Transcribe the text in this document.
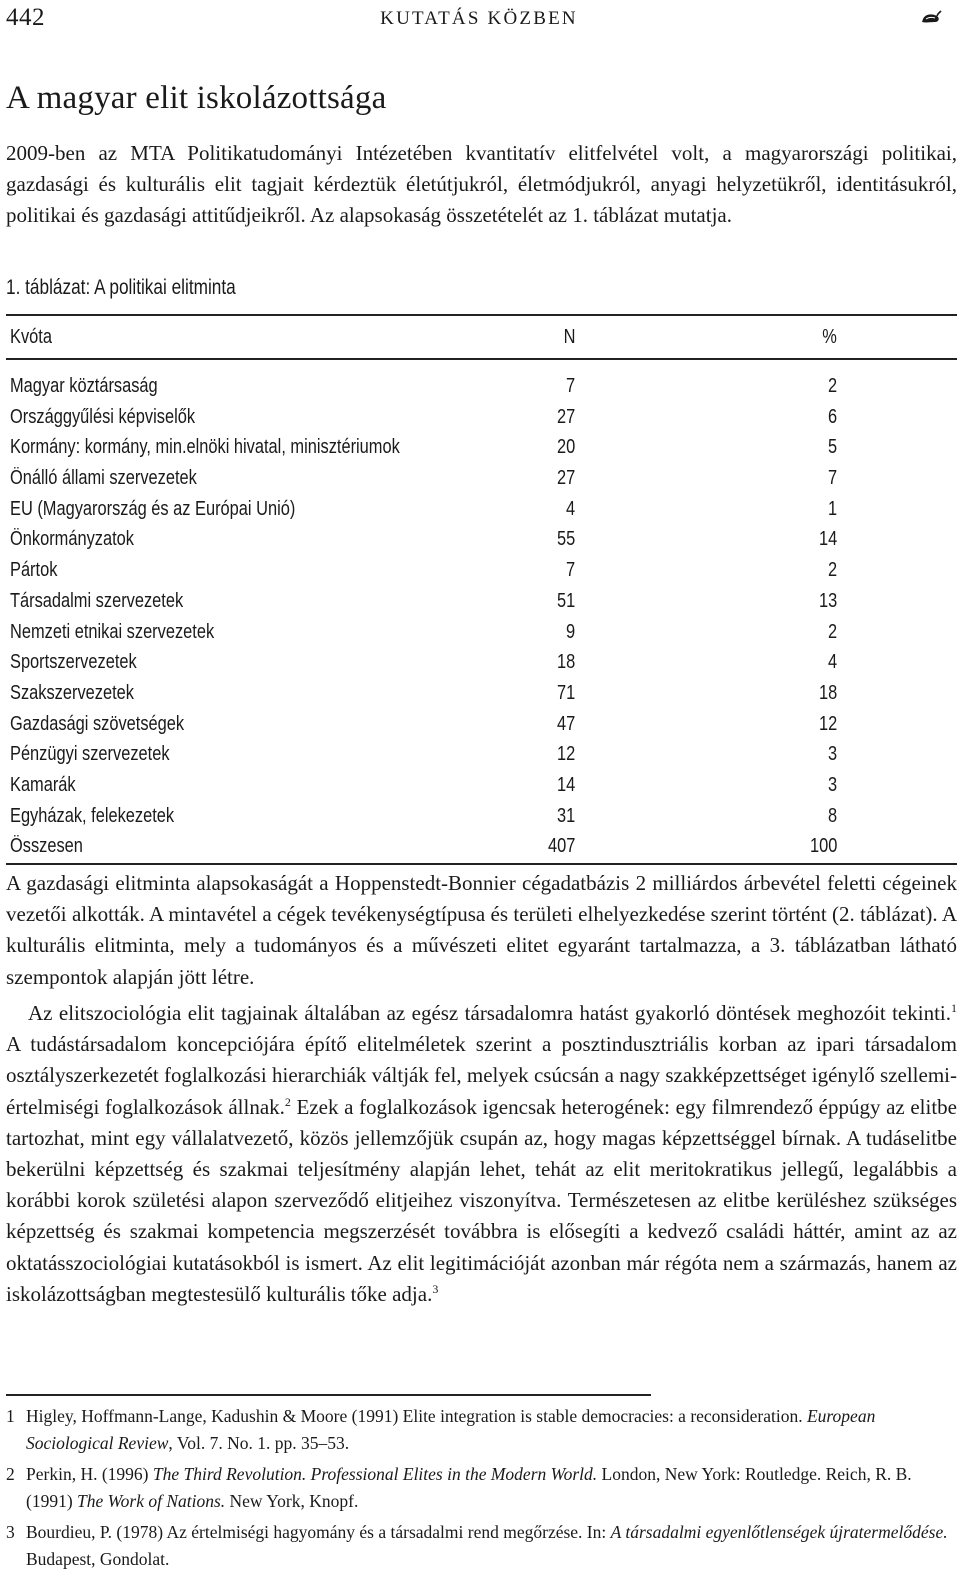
442	KUTATÁS KÖZBEN
A magyar elit iskolázottsága

2009-ben az MTA Politikatudományi Intézetében kvantitatív elitfelvétel volt, a magyarországi politikai, gazdasági és kulturális elit tagjait kérdeztük életútjukról, életmódjukról, anyagi helyzetükről, identitásukról, politikai és gazdasági attitűdjeikről. Az alapsokaság összetételét az 1. táblázat mutatja.

1. táblázat: A politikai elitminta
Kvóta	N	%
Magyar köztársaság	7	2
Országgyűlési képviselők	27	6
Kormány: kormány, min.elnöki hivatal, minisztériumok	20	5
Önálló állami szervezetek	27	7
EU (Magyarország és az Európai Unió)	4	1
Önkormányzatok	55	14
Pártok	7	2
Társadalmi szervezetek	51	13
Nemzeti etnikai szervezetek	9	2
Sportszervezetek	18	4
Szakszervezetek	71	18
Gazdasági szövetségek	47	12
Pénzügyi szervezetek	12	3
Kamarák	14	3
Egyházak, felekezetek	31	8
Összesen	407	100

A gazdasági elitminta alapsokaságát a Hoppenstedt-Bonnier cégadatbázis 2 milliárdos árbevétel feletti cégeinek vezetői alkották. A mintavétel a cégek tevékenységtípusa és területi elhelyezkedése szerint történt (2. táblázat). A kulturális elitminta, mely a tudományos és a művészeti elitet egyaránt tartalmazza, a 3. táblázatban látható szempontok alapján jött létre.

Az elitszociológia elit tagjainak általában az egész társadalomra hatást gyakorló döntések meghozóit tekinti.$^1$ A tudástársadalom koncepciójára építő elitelméletek szerint a posztindusztriális korban az ipari társadalom osztályszerkezetét foglalkozási hierarchiák váltják fel, melyek csúcsán a nagy szakképzettséget igénylő szellemi-értelmiségi foglalkozások állnak.$^2$ Ezek a foglalkozások igencsak heterogének: egy filmrendező éppúgy az elitbe tartozhat, mint egy vállalatvezető, közös jellemzőjük csupán az, hogy magas képzettséggel bírnak. A tudáselitbe bekerülni képzettség és szakmai teljesítmény alapján lehet, tehát az elit meritokratikus jellegű, legalábbis a korábbi korok születési alapon szerveződő elitjeihez viszonyítva. Természetesen az elitbe kerüléshez szükséges képzettség és szakmai kompetencia megszerzését továbbra is elősegíti a kedvező családi háttér, amint az az oktatásszociológiai kutatásokból is ismert. Az elit legitimációját azonban már régóta nem a származás, hanem az iskolázottságban megtestesülő kulturális tőke adja.$^3$

1 Higley, Hoffmann-Lange, Kadushin & Moore (1991) Elite integration is stable democracies: a reconsideration. European Sociological Review, Vol. 7. No. 1. pp. 35–53.
2 Perkin, H. (1996) The Third Revolution. Professional Elites in the Modern World. London, New York: Routledge. Reich, R. B. (1991) The Work of Nations. New York, Knopf.
3 Bourdieu, P. (1978) Az értelmiségi hagyomány és a társadalmi rend megőrzése. In: A társadalmi egyenlőtlenségek újratermelődése. Budapest, Gondolat.
